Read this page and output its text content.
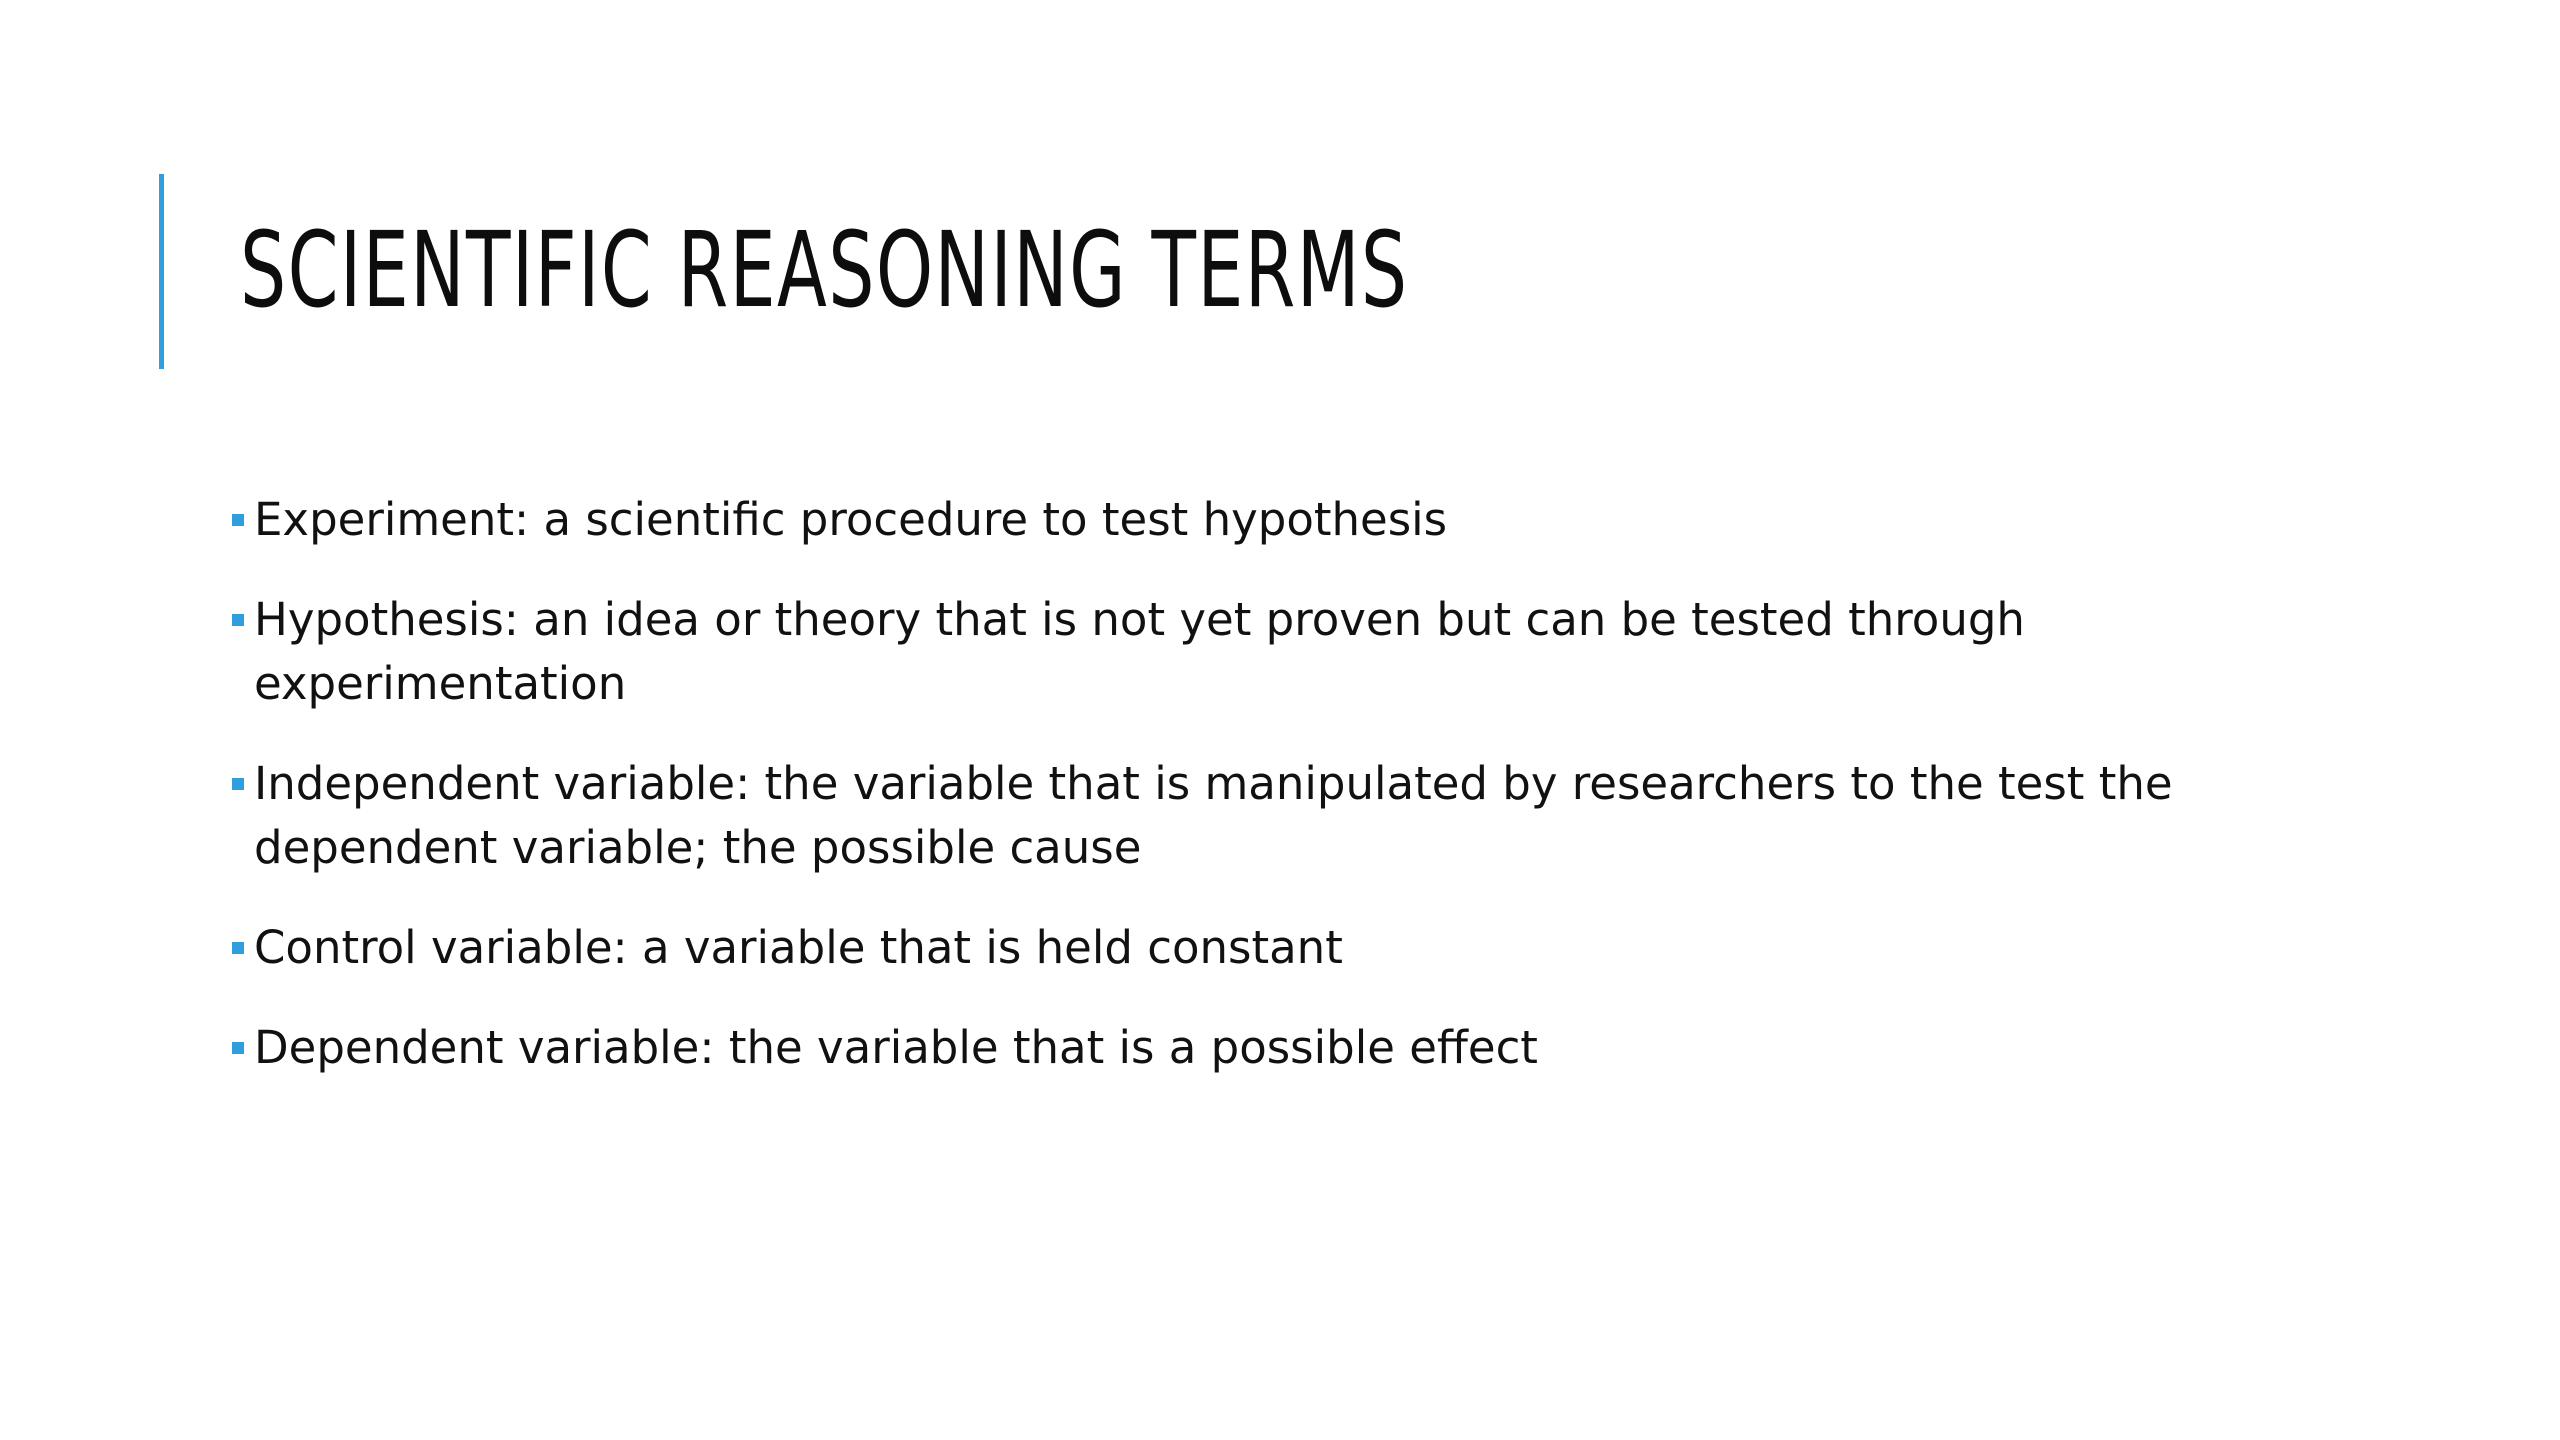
SCIENTIFIC REASONING TERMS
Experiment: a scientific procedure to test hypothesis
Hypothesis: an idea or theory that is not yet proven but can be tested through experimentation
Independent variable: the variable that is manipulated by researchers to the test the dependent variable; the possible cause
Control variable: a variable that is held constant
Dependent variable: the variable that is a possible effect
